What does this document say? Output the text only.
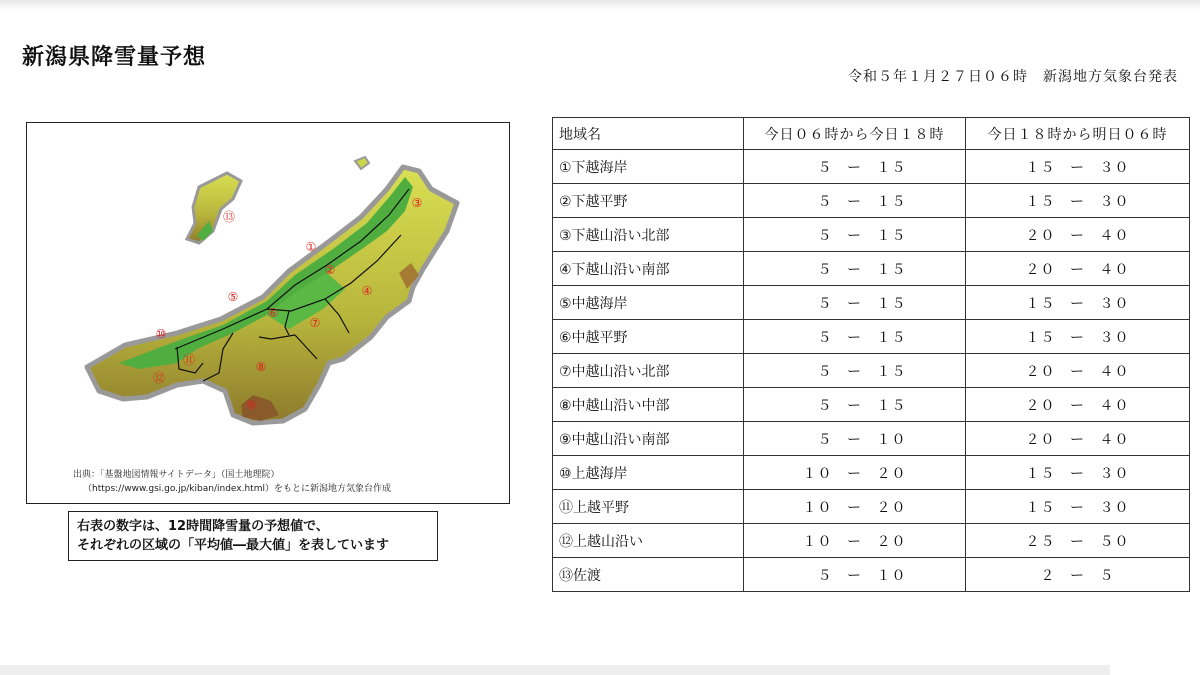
新潟県降雪量予想
令和５年１月２７日０６時　新潟地方気象台発表
①
②
③
④
⑤
⑥
⑦
⑧
⑨
⑩
⑪
⑫
⑬
出典：「基盤地図情報サイトデータ」（国土地理院）
（https://www.gsi.go.jp/kiban/index.html）をもとに新潟地方気象台作成
右表の数字は、12時間降雪量の予想値で、
それぞれの区域の「平均値―最大値」を表しています
地域名	今日０６時から今日１８時	今日１８時から明日０６時
①下越海岸	５ ー １５	１５ ー ３０
②下越平野	５ ー １５	１５ ー ３０
③下越山沿い北部	５ ー １５	２０ ー ４０
④下越山沿い南部	５ ー １５	２０ ー ４０
⑤中越海岸	５ ー １５	１５ ー ３０
⑥中越平野	５ ー １５	１５ ー ３０
⑦中越山沿い北部	５ ー １５	２０ ー ４０
⑧中越山沿い中部	５ ー １５	２０ ー ４０
⑨中越山沿い南部	５ ー １０	２０ ー ４０
⑩上越海岸	１０ ー ２０	１５ ー ３０
⑪上越平野	１０ ー ２０	１５ ー ３０
⑫上越山沿い	１０ ー ２０	２５ ー ５０
⑬佐渡	５ ー １０	２ ー ５
